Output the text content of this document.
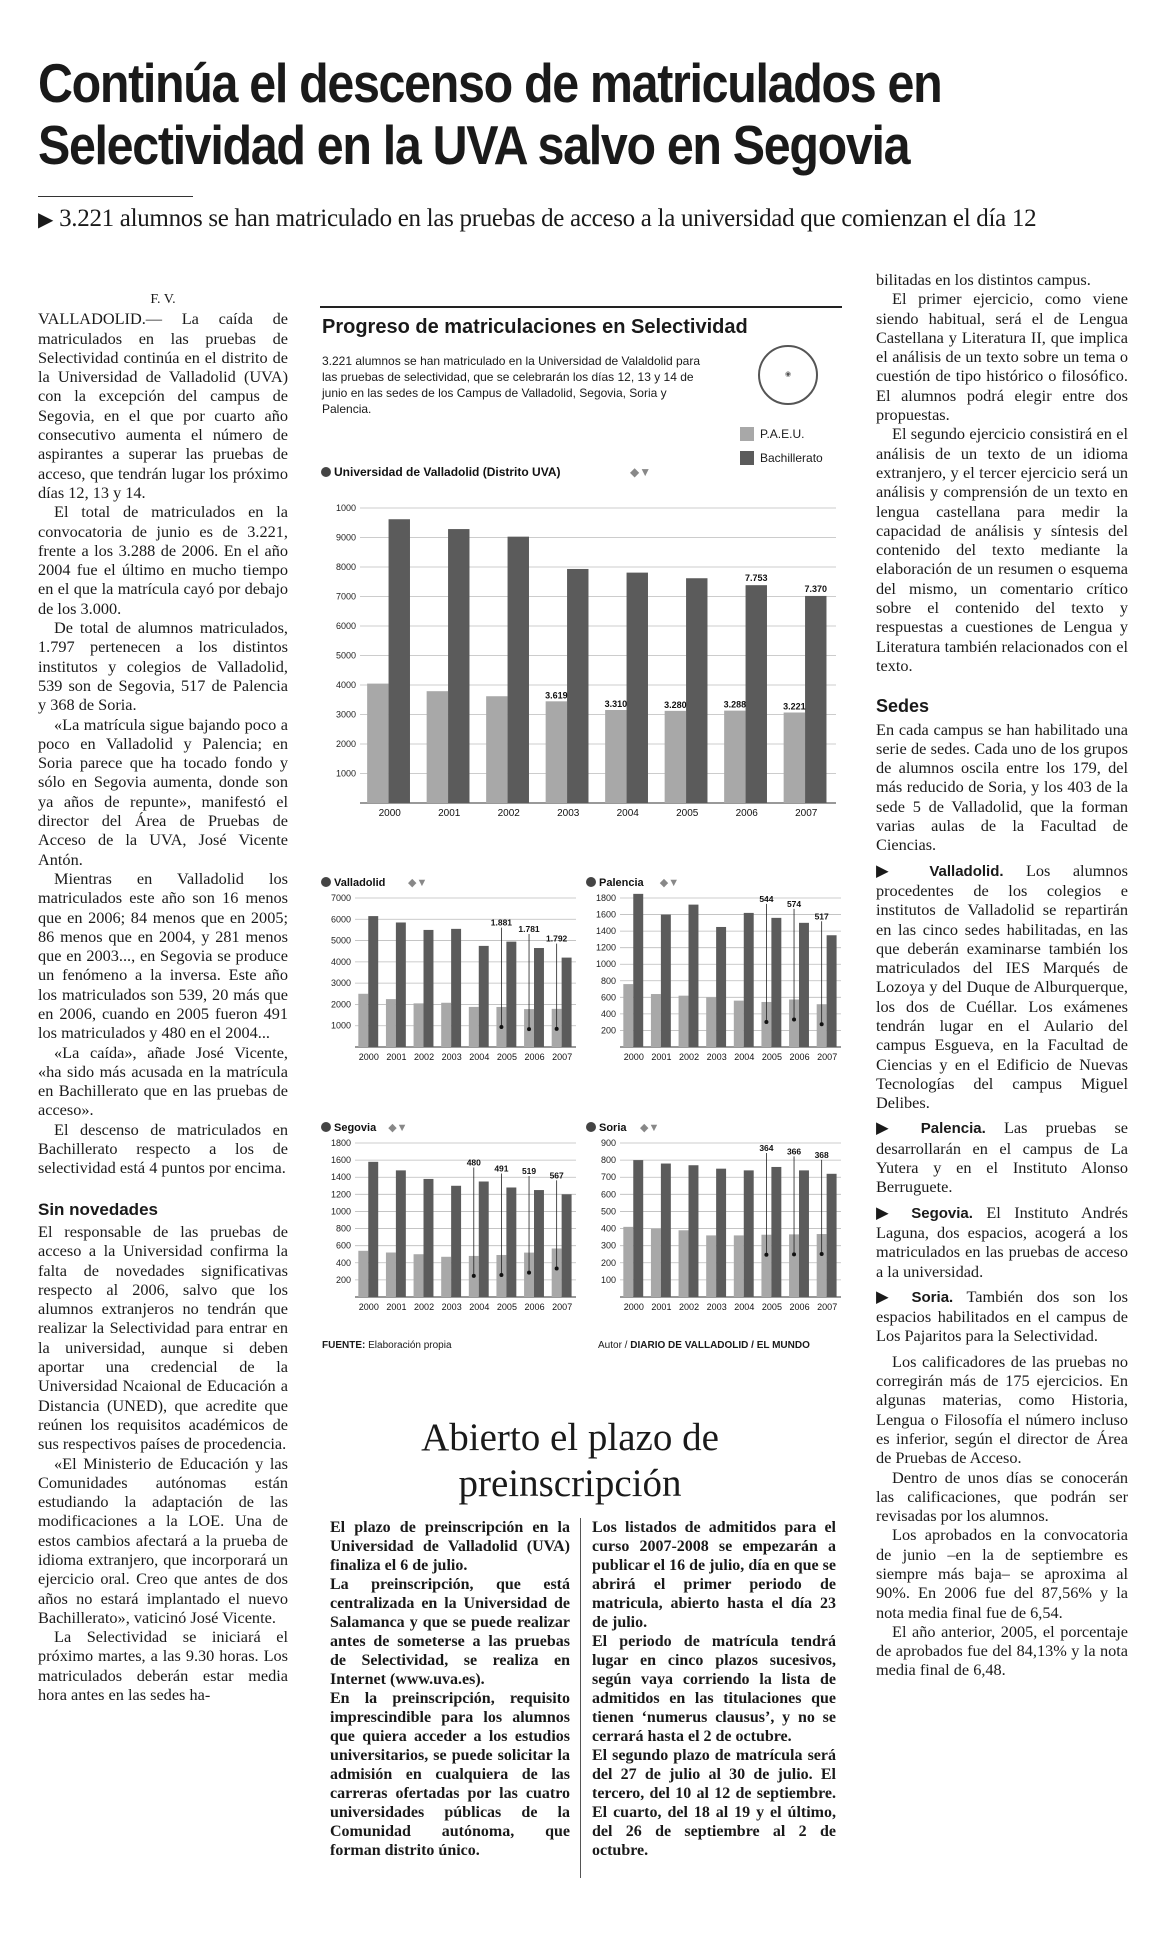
Continúa el descenso de matriculados en
Selectividad en la UVA salvo en Segovia
▶ 3.221 alumnos se han matriculado en las pruebas de acceso a la universidad que comienzan el día 12
F. V.

VALLADOLID.— La caída de matriculados en las pruebas de Selectividad continúa en el distrito de la Universidad de Valladolid (UVA) con la excepción del campus de Segovia, en el que por cuarto año consecutivo aumenta el número de aspirantes a superar las pruebas de acceso, que tendrán lugar los próximo días 12, 13 y 14.

El total de matriculados en la convocatoria de junio es de 3.221, frente a los 3.288 de 2006. En el año 2004 fue el último en mucho tiempo en el que la matrícula cayó por debajo de los 3.000.

De total de alumnos matriculados, 1.797 pertenecen a los distintos institutos y colegios de Valladolid, 539 son de Segovia, 517 de Palencia y 368 de Soria.

«La matrícula sigue bajando poco a poco en Valladolid y Palencia; en Soria parece que ha tocado fondo y sólo en Segovia aumenta, donde son ya años de repunte», manifestó el director del Área de Pruebas de Acceso de la UVA, José Vicente Antón.

Mientras en Valladolid los matriculados este año son 16 menos que en 2006; 84 menos que en 2005; 86 menos que en 2004, y 281 menos que en 2003..., en Segovia se produce un fenómeno a la inversa. Este año los matriculados son 539, 20 más que en 2006, cuando en 2005 fueron 491 los matriculados y 480 en el 2004...

«La caída», añade José Vicente, «ha sido más acusada en la matrícula en Bachillerato que en las pruebas de acceso».

El descenso de matriculados en Bachillerato respecto a los de selectividad está 4 puntos por encima.

Sin novedades

El responsable de las pruebas de acceso a la Universidad confirma la falta de novedades significativas respecto al 2006, salvo que los alumnos extranjeros no tendrán que realizar la Selectividad para entrar en la universidad, aunque si deben aportar una credencial de la Universidad Ncaional de Educación a Distancia (UNED), que acredite que reúnen los requisitos académicos de sus respectivos países de procedencia.

«El Ministerio de Educación y las Comunidades autónomas están estudiando la adaptación de las modificaciones a la LOE. Una de estos cambios afectará a la prueba de idioma extranjero, que incorporará un ejercicio oral. Creo que antes de dos años no estará implantado el nuevo Bachillerato», vaticinó José Vicente.

La Selectividad se iniciará el próximo martes, a las 9.30 horas. Los matriculados deberán estar media hora antes en las sedes ha-

bilitadas en los distintos campus.

El primer ejercicio, como viene siendo habitual, será el de Lengua Castellana y Literatura II, que implica el análisis de un texto sobre un tema o cuestión de tipo histórico o filosófico. El alumnos podrá elegir entre dos propuestas.

El segundo ejercicio consistirá en el análisis de un texto de un idioma extranjero, y el tercer ejercicio será un análisis y comprensión de un texto en lengua castellana para medir la capacidad de análisis y síntesis del contenido del texto mediante la elaboración de un resumen o esquema del mismo, un comentario crítico sobre el contenido del texto y respuestas a cuestiones de Lengua y Literatura también relacionados con el texto.

Sedes

En cada campus se han habilitado una serie de sedes. Cada uno de los grupos de alumnos oscila entre los 179, del más reducido de Soria, y los 403 de la sede 5 de Valladolid, que la forman varias aulas de la Facultad de Ciencias.

▶ Valladolid. Los alumnos procedentes de los colegios e institutos de Valladolid se repartirán en las cinco sedes habilitadas, en las que deberán examinarse también los matriculados del IES Marqués de Lozoya y del Duque de Alburquerque, los dos de Cuéllar. Los exámenes tendrán lugar en el Aulario del campus Esgueva, en la Facultad de Ciencias y en el Edificio de Nuevas Tecnologías del campus Miguel Delibes.

▶ Palencia. Las pruebas se desarrollarán en el campus de La Yutera y en el Instituto Alonso Berruguete.

▶ Segovia. El Instituto Andrés Laguna, dos espacios, acogerá a los matriculados en las pruebas de acceso a la universidad.

▶ Soria. También dos son los espacios habilitados en el campus de Los Pajaritos para la Selectividad.

Los calificadores de las pruebas no corregirán más de 175 ejercicios. En algunas materias, como Historia, Lengua o Filosofía el número incluso es inferior, según el director de Área de Pruebas de Acceso.

Dentro de unos días se conocerán las calificaciones, que podrán ser revisadas por los alumnos.

Los aprobados en la convocatoria de junio –en la de septiembre es siempre más baja– se aproxima al 90%. En 2006 fue del 87,56% y la nota media final fue de 6,54.

El año anterior, 2005, el porcentaje de aprobados fue del 84,13% y la nota media final de 6,48.

Progreso de matriculaciones en Selectividad
3.221 alumnos se han matriculado en la Universidad de Valaldolid para las pruebas de selectividad, que se celebrarán los días 12, 13 y 14 de junio en las sedes de los Campus de Valladolid, Segovia, Soria y Palencia.
◉
P.A.E.U.
Bachillerato
Universidad de Valladolid (Distrito UVA)	◆▼
1000
2000
3000
4000
5000
6000
7000
8000
9000
1000
2000	2001	2002	2003
3.619
2004
3.310
2005
3.280
2006
3.288
7.753
2007
3.221
7.370
Valladolid ◆▼
1000
2000
3000
4000
5000
6000
7000
2000 2001 2002 2003 2004 2005
1.881
2006
1.781
2007
1.792
Palencia ◆▼
200
400
600
800
1000
1200
1400
1600
1800
2000 2001 2002 2003 2004 2005
544
2006
574
2007
517
Segovia ◆▼
200
400
600
800
1000
1200
1400
1600
1800
2000 2001 2002 2003 2004
480
2005
491
2006
519
2007
567
Soria ◆▼
100
200
300
400
500
600
700
800
900
2000 2001 2002 2003 2004 2005
364
2006
366
2007
368
FUENTE: Elaboración propia	Autor / DIARIO DE VALLADOLID / EL MUNDO
Abierto el plazo de
preinscripción

El plazo de preinscripción en la Universidad de Valladolid (UVA) finaliza el 6 de julio.

La preinscripción, que está centralizada en la Universidad de Salamanca y que se puede realizar antes de someterse a las pruebas de Selectividad, se realiza en Internet (www.uva.es).

En la preinscripción, requisito imprescindible para los alumnos que quiera acceder a los estudios universitarios, se puede solicitar la admisión en cualquiera de las carreras ofertadas por las cuatro universidades públicas de la Comunidad autónoma, que forman distrito único.

Los listados de admitidos para el curso 2007-2008 se empezarán a publicar el 16 de julio, día en que se abrirá el primer periodo de matricula, abierto hasta el día 23 de julio.

El periodo de matrícula tendrá lugar en cinco plazos sucesivos, según vaya corriendo la lista de admitidos en las titulaciones que tienen ‘numerus clausus’, y no se cerrará hasta el 2 de octubre.

El segundo plazo de matrícula será del 27 de julio al 30 de julio. El tercero, del 10 al 12 de septiembre. El cuarto, del 18 al 19 y el último, del 26 de septiembre al 2 de octubre.
